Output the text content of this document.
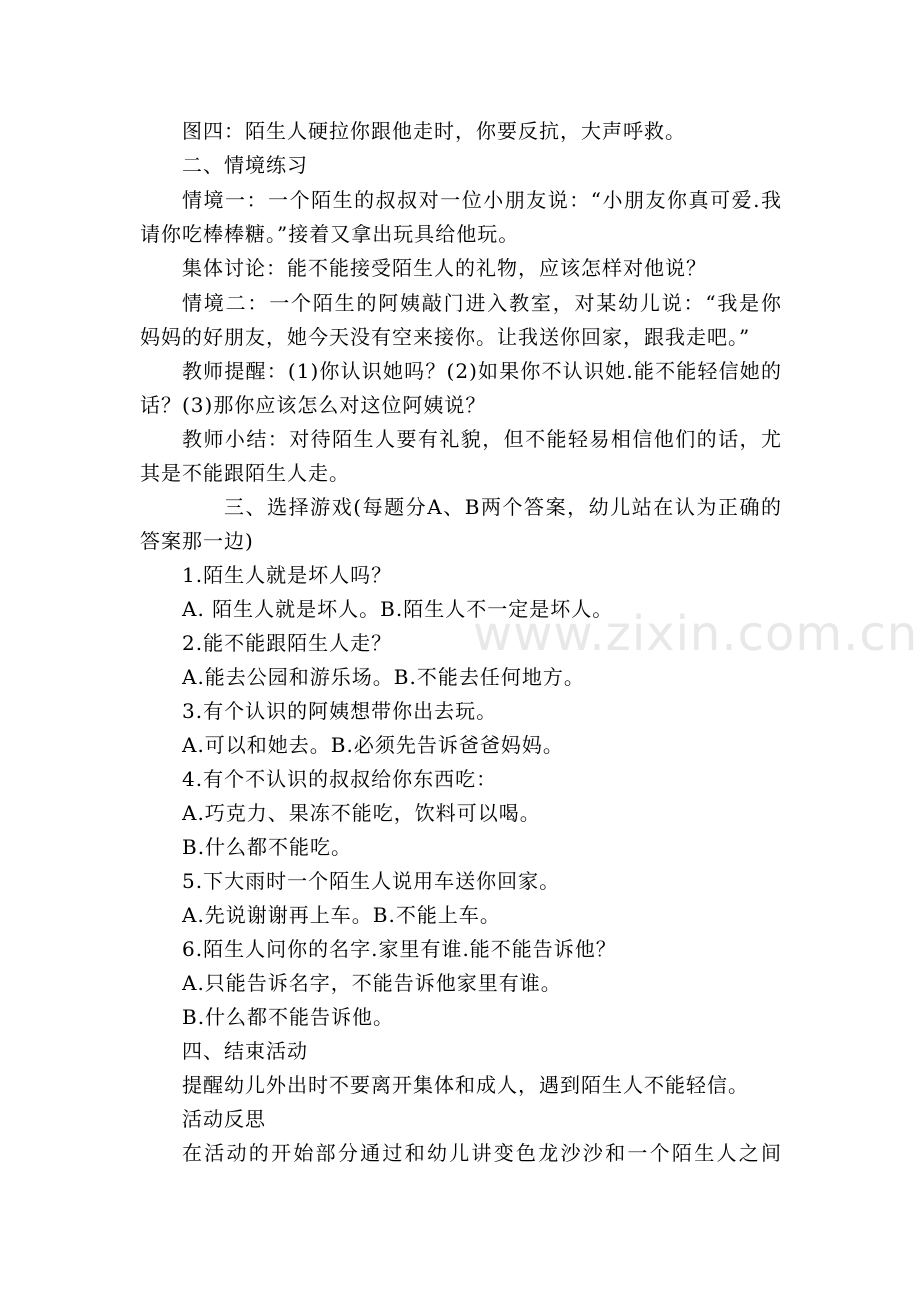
图四：陌生人硬拉你跟他走时，你要反抗，大声呼救。
二、情境练习
情境一：一个陌生的叔叔对一位小朋友说：“小朋友你真可爱.我
请你吃棒棒糖。”接着又拿出玩具给他玩。
集体讨论：能不能接受陌生人的礼物，应该怎样对他说？
情境二：一个陌生的阿姨敲门进入教室，对某幼儿说：“我是你
妈妈的好朋友，她今天没有空来接你。让我送你回家，跟我走吧。”
教师提醒：(1)你认识她吗？(2)如果你不认识她.能不能轻信她的
话？(3)那你应该怎么对这位阿姨说？
教师小结：对待陌生人要有礼貌，但不能轻易相信他们的话，尤
其是不能跟陌生人走。
三、选择游戏(每题分A、B两个答案，幼儿站在认为正确的
答案那一边)
1.陌生人就是坏人吗？
A. 陌生人就是坏人。B.陌生人不一定是坏人。
2.能不能跟陌生人走？
A.能去公园和游乐场。B.不能去任何地方。
3.有个认识的阿姨想带你出去玩。
A.可以和她去。B.必须先告诉爸爸妈妈。
4.有个不认识的叔叔给你东西吃：
A.巧克力、果冻不能吃，饮料可以喝。
B.什么都不能吃。
5.下大雨时一个陌生人说用车送你回家。
A.先说谢谢再上车。B.不能上车。
6.陌生人问你的名字.家里有谁.能不能告诉他？
A.只能告诉名字，不能告诉他家里有谁。
B.什么都不能告诉他。
四、结束活动
提醒幼儿外出时不要离开集体和成人，遇到陌生人不能轻信。
活动反思
在活动的开始部分通过和幼儿讲变色龙沙沙和一个陌生人之间
www.zixin.com.cn
